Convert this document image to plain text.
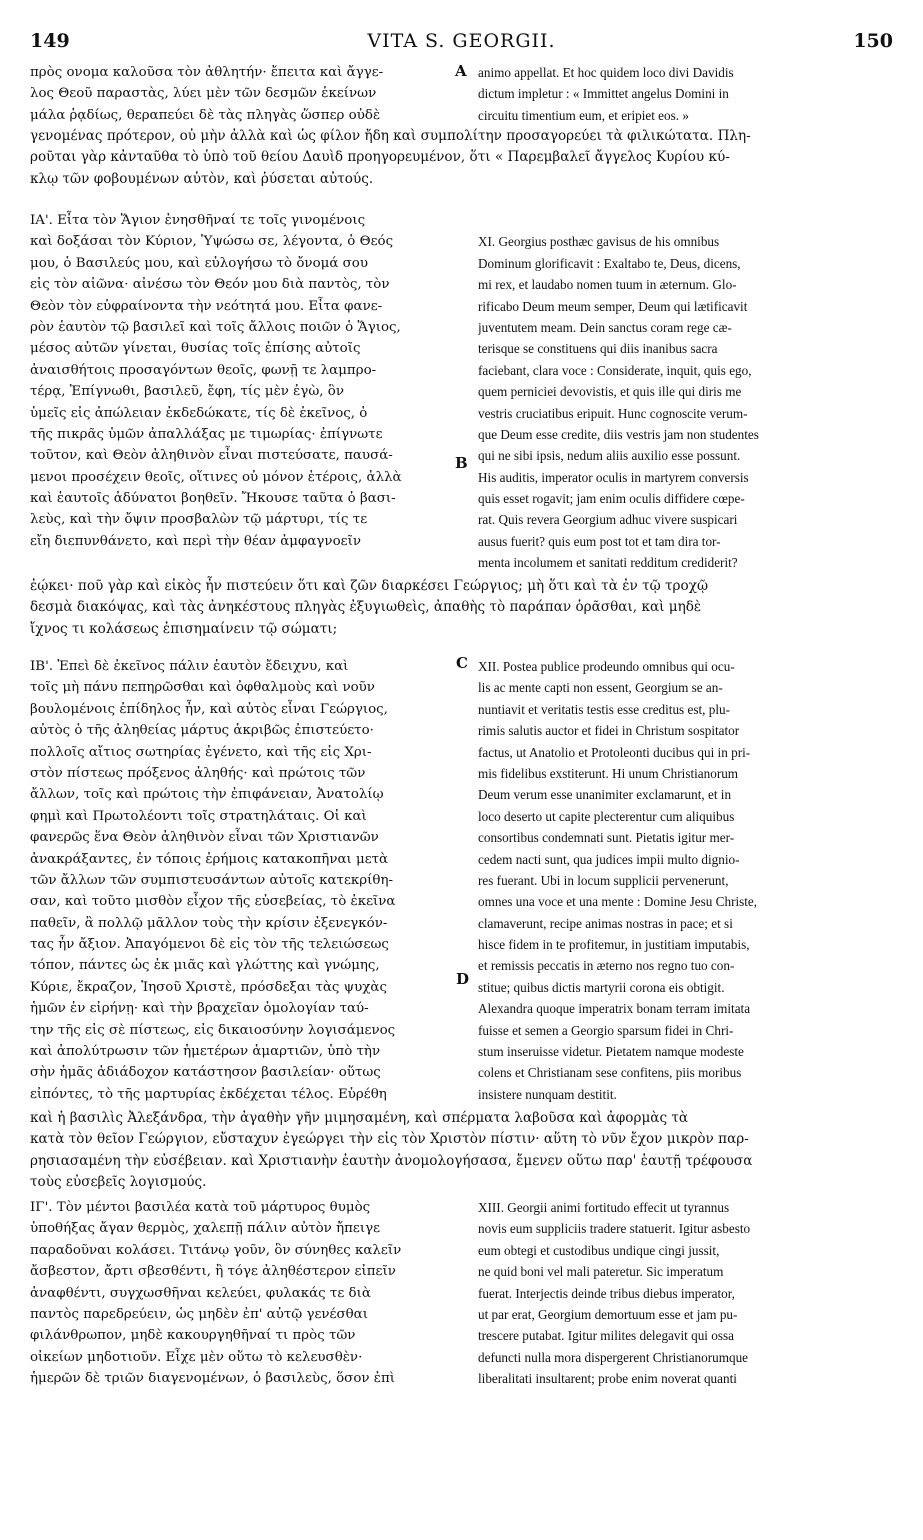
149	VITA S. GEORGII.	150
A
B
C
D
πρὸς ονομα καλοῦσα τὸν ἀθλητήν· ἔπειτα καὶ ἄγγε-
λος Θεοῦ παραστὰς, λύει μὲν τῶν δεσμῶν ἐκείνων
μάλα ῥᾳδίως, θεραπεύει δὲ τὰς πληγὰς ὥσπερ οὐδὲ
animo appellat. Et hoc quidem loco divi Davidis
dictum impletur : « Immittet angelus Domini in
circuitu timentium eum, et eripiet eos. »
γενομένας πρότερον, οὐ μὴν ἀλλὰ καὶ ὡς φίλον ἤδη καὶ συμπολίτην προσαγορεύει τὰ φιλικώτατα. Πλη-
ροῦται γὰρ κἀνταῦθα τὸ ὑπὸ τοῦ θείου Δαυὶδ προηγορευμένον, ὅτι « Παρεμβαλεῖ ἄγγελος Κυρίου κύ-
κλῳ τῶν φοβουμένων αὐτὸν, καὶ ῥύσεται αὐτούς.
ΙΑ'. Εἶτα τὸν Ἅγιον ἐνησθῆναί τε τοῖς γινομένοις
καὶ δοξάσαι τὸν Κύριον, Ὑψώσω σε, λέγοντα, ὁ Θεός
μου, ὁ Βασιλεύς μου, καὶ εὐλογήσω τὸ ὄνομά σου
εἰς τὸν αἰῶνα· αἰνέσω τὸν Θεόν μου διὰ παντὸς, τὸν
Θεὸν τὸν εὐφραίνοντα τὴν νεότητά μου. Εἶτα φανε-
ρὸν ἑαυτὸν τῷ βασιλεῖ καὶ τοῖς ἄλλοις ποιῶν ὁ Ἅγιος,
μέσος αὐτῶν γίνεται, θυσίας τοῖς ἐπίσης αὐτοῖς
ἀναισθήτοις προσαγόντων θεοῖς, φωνῇ τε λαμπρο-
τέρᾳ, Ἐπίγνωθι, βασιλεῦ, ἔφη, τίς μὲν ἐγὼ, ὃν
ὑμεῖς εἰς ἀπώλειαν ἐκδεδώκατε, τίς δὲ ἐκεῖνος, ὁ
τῆς πικρᾶς ὑμῶν ἀπαλλάξας με τιμωρίας· ἐπίγνωτε
τοῦτον, καὶ Θεὸν ἀληθινὸν εἶναι πιστεύσατε, παυσά-
μενοι προσέχειν θεοῖς, οἵτινες οὐ μόνον ἑτέροις, ἀλλὰ
καὶ ἑαυτοῖς ἀδύνατοι βοηθεῖν. Ἤκουσε ταῦτα ὁ βασι-
λεὺς, καὶ τὴν ὄψιν προσβαλὼν τῷ μάρτυρι, τίς τε
εἴη διεπυνθάνετο, καὶ περὶ τὴν θέαν ἀμφαγνοεῖν
XI. Georgius posthæc gavisus de his omnibus
Dominum glorificavit : Exaltabo te, Deus, dicens,
mi rex, et laudabo nomen tuum in æternum. Glo-
rificabo Deum meum semper, Deum qui lætificavit
juventutem meam. Dein sanctus coram rege cæ-
terisque se constituens qui diis inanibus sacra
faciebant, clara voce : Considerate, inquit, quis ego,
quem perniciei devovistis, et quis ille qui diris me
vestris cruciatibus eripuit. Hunc cognoscite verum-
que Deum esse credite, diis vestris jam non studentes
qui ne sibi ipsis, nedum aliis auxilio esse possunt.
His auditis, imperator oculis in martyrem conversis
quis esset rogavit; jam enim oculis diffidere cœpe-
rat. Quis revera Georgium adhuc vivere suspicari
ausus fuerit? quis eum post tot et tam dira tor-
menta incolumem et sanitati redditum crediderit?
ἐῴκει· ποῦ γὰρ καὶ εἰκὸς ἦν πιστεύειν ὅτι καὶ ζῶν διαρκέσει Γεώργιος; μὴ ὅτι καὶ τὰ ἐν τῷ τροχῷ
δεσμὰ διακόψας, καὶ τὰς ἀνηκέστους πληγὰς ἐξυγιωθεὶς, ἀπαθὴς τὸ παράπαν ὁρᾶσθαι, καὶ μηδὲ
ἴχνος τι κολάσεως ἐπισημαίνειν τῷ σώματι;
ΙΒ'. Ἐπεὶ δὲ ἐκεῖνος πάλιν ἑαυτὸν ἔδειχνυ, καὶ
τοῖς μὴ πάνυ πεπηρῶσθαι καὶ ὀφθαλμοὺς καὶ νοῦν
βουλομένοις ἐπίδηλος ἦν, καὶ αὐτὸς εἶναι Γεώργιος,
αὐτὸς ὁ τῆς ἀληθείας μάρτυς ἀκριβῶς ἐπιστεύετο·
πολλοῖς αἴτιος σωτηρίας ἐγένετο, καὶ τῆς εἰς Χρι-
στὸν πίστεως πρόξενος ἀληθής· καὶ πρώτοις τῶν
ἄλλων, τοῖς καὶ πρώτοις τὴν ἐπιφάνειαν, Ἀνατολίῳ
φημὶ καὶ Πρωτολέοντι τοῖς στρατηλάταις. Οἱ καὶ
φανερῶς ἕνα Θεὸν ἀληθινὸν εἶναι τῶν Χριστιανῶν
ἀνακράξαντες, ἐν τόποις ἐρήμοις κατακοπῆναι μετὰ
τῶν ἄλλων τῶν συμπιστευσάντων αὐτοῖς κατεκρίθη-
σαν, καὶ τοῦτο μισθὸν εἶχον τῆς εὐσεβείας, τὸ ἐκεῖνα
παθεῖν, ἃ πολλῷ μᾶλλον τοὺς τὴν κρίσιν ἐξενεγκόν-
τας ἦν ἄξιον. Ἀπαγόμενοι δὲ εἰς τὸν τῆς τελειώσεως
τόπον, πάντες ὡς ἐκ μιᾶς καὶ γλώττης καὶ γνώμης,
Κύριε, ἔκραζον, Ἰησοῦ Χριστὲ, πρόσδεξαι τὰς ψυχὰς
ἡμῶν ἐν εἰρήνῃ· καὶ τὴν βραχεῖαν ὁμολογίαν ταύ-
την τῆς εἰς σὲ πίστεως, εἰς δικαιοσύνην λογισάμενος
καὶ ἀπολύτρωσιν τῶν ἡμετέρων ἁμαρτιῶν, ὑπὸ τὴν
σὴν ἡμᾶς ἀδιάδοχον κατάστησον βασιλείαν· οὕτως
εἰπόντες, τὸ τῆς μαρτυρίας ἐκδέχεται τέλος. Εὑρέθη
XII. Postea publice prodeundo omnibus qui ocu-
lis ac mente capti non essent, Georgium se an-
nuntiavit et veritatis testis esse creditus est, plu-
rimis salutis auctor et fidei in Christum sospitator
factus, ut Anatolio et Protoleonti ducibus qui in pri-
mis fidelibus exstiterunt. Hi unum Christianorum
Deum verum esse unanimiter exclamarunt, et in
loco deserto ut capite plecterentur cum aliquibus
consortibus condemnati sunt. Pietatis igitur mer-
cedem nacti sunt, qua judices impii multo dignio-
res fuerant. Ubi in locum supplicii pervenerunt,
omnes una voce et una mente : Domine Jesu Christe,
clamaverunt, recipe animas nostras in pace; et si
hisce fidem in te profitemur, in justitiam imputabis,
et remissis peccatis in æterno nos regno tuo con-
stitue; quibus dictis martyrii corona eis obtigit.
Alexandra quoque imperatrix bonam terram imitata
fuisse et semen a Georgio sparsum fidei in Chri-
stum inseruisse videtur. Pietatem namque modeste
colens et Christianam sese confitens, piis moribus
insistere nunquam destitit.
καὶ ἡ βασιλὶς Ἀλεξάνδρα, τὴν ἀγαθὴν γῆν μιμησαμένη, καὶ σπέρματα λαβοῦσα καὶ ἀφορμὰς τὰ
κατὰ τὸν θεῖον Γεώργιον, εὔσταχυν ἐγεώργει τὴν εἰς τὸν Χριστὸν πίστιν· αὕτη τὸ νῦν ἔχον μικρὸν παρ-
ρησιασαμένη τὴν εὐσέβειαν. καὶ Χριστιανὴν ἑαυτὴν ἀνομολογήσασα, ἔμενεν οὕτω παρ' ἑαυτῇ τρέφουσα
τοὺς εὐσεβεῖς λογισμούς.
ΙΓ'. Τὸν μέντοι βασιλέα κατὰ τοῦ μάρτυρος θυμὸς
ὑποθήξας ἄγαν θερμὸς, χαλεπῇ πάλιν αὐτὸν ἤπειγε
παραδοῦναι κολάσει. Τιτάνῳ γοῦν, ὃν σύνηθες καλεῖν
ἄσβεστον, ἄρτι σβεσθέντι, ἢ τόγε ἀληθέστερον εἰπεῖν
ἀναφθέντι, συγχωσθῆναι κελεύει, φυλακάς τε διὰ
παντὸς παρεδρεύειν, ὡς μηδὲν ἐπ' αὐτῷ γενέσθαι
φιλάνθρωπον, μηδὲ κακουργηθῆναί τι πρὸς τῶν
οἰκείων μηδοτιοῦν. Εἶχε μὲν οὕτω τὸ κελευσθὲν·
ἡμερῶν δὲ τριῶν διαγενομένων, ὁ βασιλεὺς, ὅσον ἐπὶ
XIII. Georgii animi fortitudo effecit ut tyrannus
novis eum suppliciis tradere statuerit. Igitur asbesto
eum obtegi et custodibus undique cingi jussit,
ne quid boni vel mali pateretur. Sic imperatum
fuerat. Interjectis deinde tribus diebus imperator,
ut par erat, Georgium demortuum esse et jam pu-
trescere putabat. Igitur milites delegavit qui ossa
defuncti nulla mora dispergerent Christianorumque
liberalitati insultarent; probe enim noverat quanti
